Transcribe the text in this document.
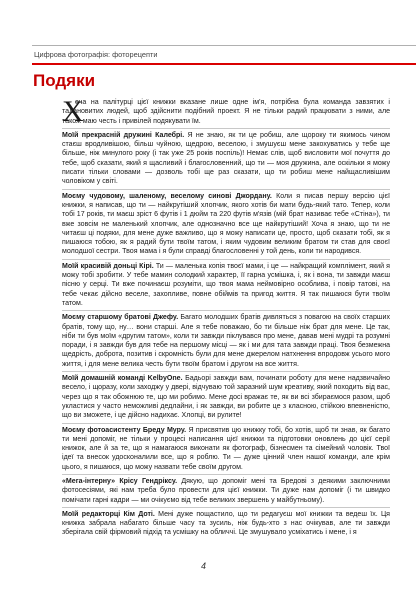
Цифрова фотографія: фоторецепти
Подяки
Х

оча на палітурці цієї книжки вказане лише одне ім'я, потрібна була команда завзятих і талановитих людей, щоб здійснити подібний проект. Я не тільки радий працювати з ними, але також маю честь і привілей подякувати їм.

Моїй прекрасній дружині Калебрі. Я не знаю, як ти це робиш, але щороку ти якимось чином стаєш вродливішою, більш чуйною, щедрою, веселою, і змушуєш мене закохуватись у тебе ще більше, ніж минулого року (і так уже 25 років поспіль)! Немає слів, щоб висловити мої почуття до тебе, щоб сказати, який я щасливий і благословенний, що ти — моя дружина, але оскільки я можу писати тільки словами — дозволь тобі ще раз сказати, що ти робиш мене найщасливішим чоловіком у світі.

Моєму чудовому, шаленому, веселому синові Джордану. Коли я писав першу версію цієї книжки, я написав, що ти — найкрутіший хлопчик, якого хотів би мати будь-який тато. Тепер, коли тобі 17 років, ти маєш зріст 6 футів і 1 дюйм та 220 футів м'язів (мій брат називає тебе «Стіна»), ти вже зовсім не маленький хлопчик, але однозначно все ще найкрутіший! Хоча я знаю, що ти не читаєш ці подяки, для мене дуже важливо, що я можу написати це, просто, щоб сказати тобі, як я пишаюся тобою, як я радий бути твоїм татом, і яким чудовим великим братом ти став для своєї молодшої сестри. Твоя мама і я були справді благословенні у той день, коли ти народився.

Моїй красивій доньці Кірі. Ти — маленька копія твоєї мами, і це — найкращий комплімент, який я можу тобі зробити. У тебе мамин солодкий характер, її гарна усмішка, і, як і вона, ти завжди маєш пісню у серці. Ти вже починаєш розуміти, що твоя мама неймовірно особлива, і повір татові, на тебе чекає дійсно веселе, захопливе, повне обіймів та пригод життя. Я так пишаюся бути твоїм татом.

Моєму старшому братові Джефу. Багато молодших братів дивляться з повагою на своїх старших братів, тому що, ну… вони старші. Але я тебе поважаю, бо ти більше ніж брат для мене. Це так, ніби ти був моїм «другим татом», коли ти завжди піклувався про мене, давав мені мудрі та розумні поради, і я завжди був для тебе на першому місці — як і ми для тата завжди праці. Твоя безмежна щедрість, доброта, позитив і скромність були для мене джерелом натхнення впродовж усього мого життя, і для мене велика честь бути твоїм братом і другом на все життя.

Моїй домашній команді KelbyOne. Бадьорі завжди вам, починати роботу для мене надзвичайно весело, і щоразу, коли заходжу у двері, відчуваю той заразний шум креативу, який походить від вас, через що я так обожнюю те, що ми робимо. Мене досі вражає те, як ви всі збираємося разом, щоб укластися у часто неможливі дедлайни, і як завжди, ви робите це з класною, стійкою впевненістю, що ви зможете, і це дійсно надихає. Хлопці, ви рулите!

Моєму фотоасистенту Бреду Муру. Я присвятив цю книжку тобі, бо хотів, щоб ти знав, як багато ти мені допоміг, не тільки у процесі написання цієї книжки та підготовки оновлень до цієї серії книжок, але й за те, що я намагаюся виконати як фотограф, бізнесмен та сімейний чоловік. Твої ідеї та внесок удосконалили все, що я роблю. Ти — дуже цінний член нашої команди, але крім цього, я пишаюся, що можу назвати тебе своїм другом.

«Мега-інтерну» Крісу Гендріксу. Дякую, що допоміг мені та Бредові з деякими заключними фотосесіями, які нам треба було провести для цієї книжки. Ти дуже нам допоміг (і ти швидко помічати гарні кадри — ми очікуємо від тебе великих звершень у майбутньому).

Моїй редакторці Кім Доті. Мені дуже пощастило, що ти редагуєш мої книжки та ведеш їх. Ця книжка забрала набагато більше часу та зусиль, ніж будь-хто з нас очікував, але ти завжди зберігала свій фірмовий підхід та усмішку на обличчі. Це змушувало усміхатись і мене, і я

4
